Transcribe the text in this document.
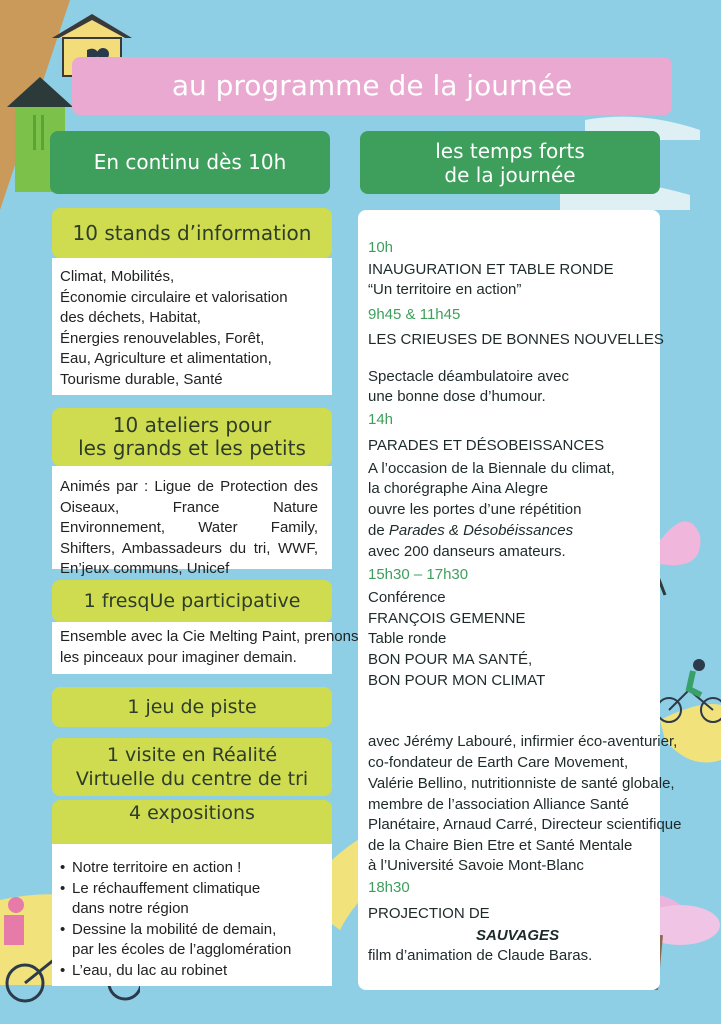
au programme de la journée
En continu dès 10h	les temps forts
de la journée
10 stands d’information
Climat, Mobilités,
Économie circulaire et valorisation
des déchets, Habitat,
Énergies renouvelables, Forêt,
Eau, Agriculture et alimentation,
Tourisme durable, Santé
10 ateliers pour
les grands et les petits
Animés par : Ligue de Protection des Oiseaux, France Nature Environnement, Water Family, Shifters, Ambassadeurs du tri, WWF, En’jeux communs, Unicef
1 fresqUe participative
Ensemble avec la Cie Melting Paint, prenons
les pinceaux pour imaginer demain.
1 jeu de piste
1 visite en Réalité
Virtuelle du centre de tri
4 expositions
• Notre territoire en action !
• Le réchauffement climatique
dans notre région
• Dessine la mobilité de demain,
par les écoles de l’agglomération
• L’eau, du lac au robinet
10h
INAUGURATION ET TABLE RONDE
“Un territoire en action”
9h45 & 11h45
LES CRIEUSES DE BONNES NOUVELLES
Spectacle déambulatoire avec
une bonne dose d’humour.
14h
PARADES ET DÉSOBEISSANCES
A l’occasion de la Biennale du climat,
la chorégraphe Aina Alegre
ouvre les portes d’une répétition
de Parades & Désobéissances
avec 200 danseurs amateurs.
15h30 – 17h30
Conférence
FRANÇOIS GEMENNE
Table ronde
BON POUR MA SANTÉ,
BON POUR MON CLIMAT
avec Jérémy Labouré, infirmier éco-aventurier,
co-fondateur de Earth Care Movement,
Valérie Bellino, nutritionniste de santé globale,
membre de l’association Alliance Santé
Planétaire, Arnaud Carré, Directeur scientifique
de la Chaire Bien Etre et Santé Mentale
à l’Université Savoie Mont-Blanc
18h30
PROJECTION DE
SAUVAGES
film d’animation de Claude Baras.
